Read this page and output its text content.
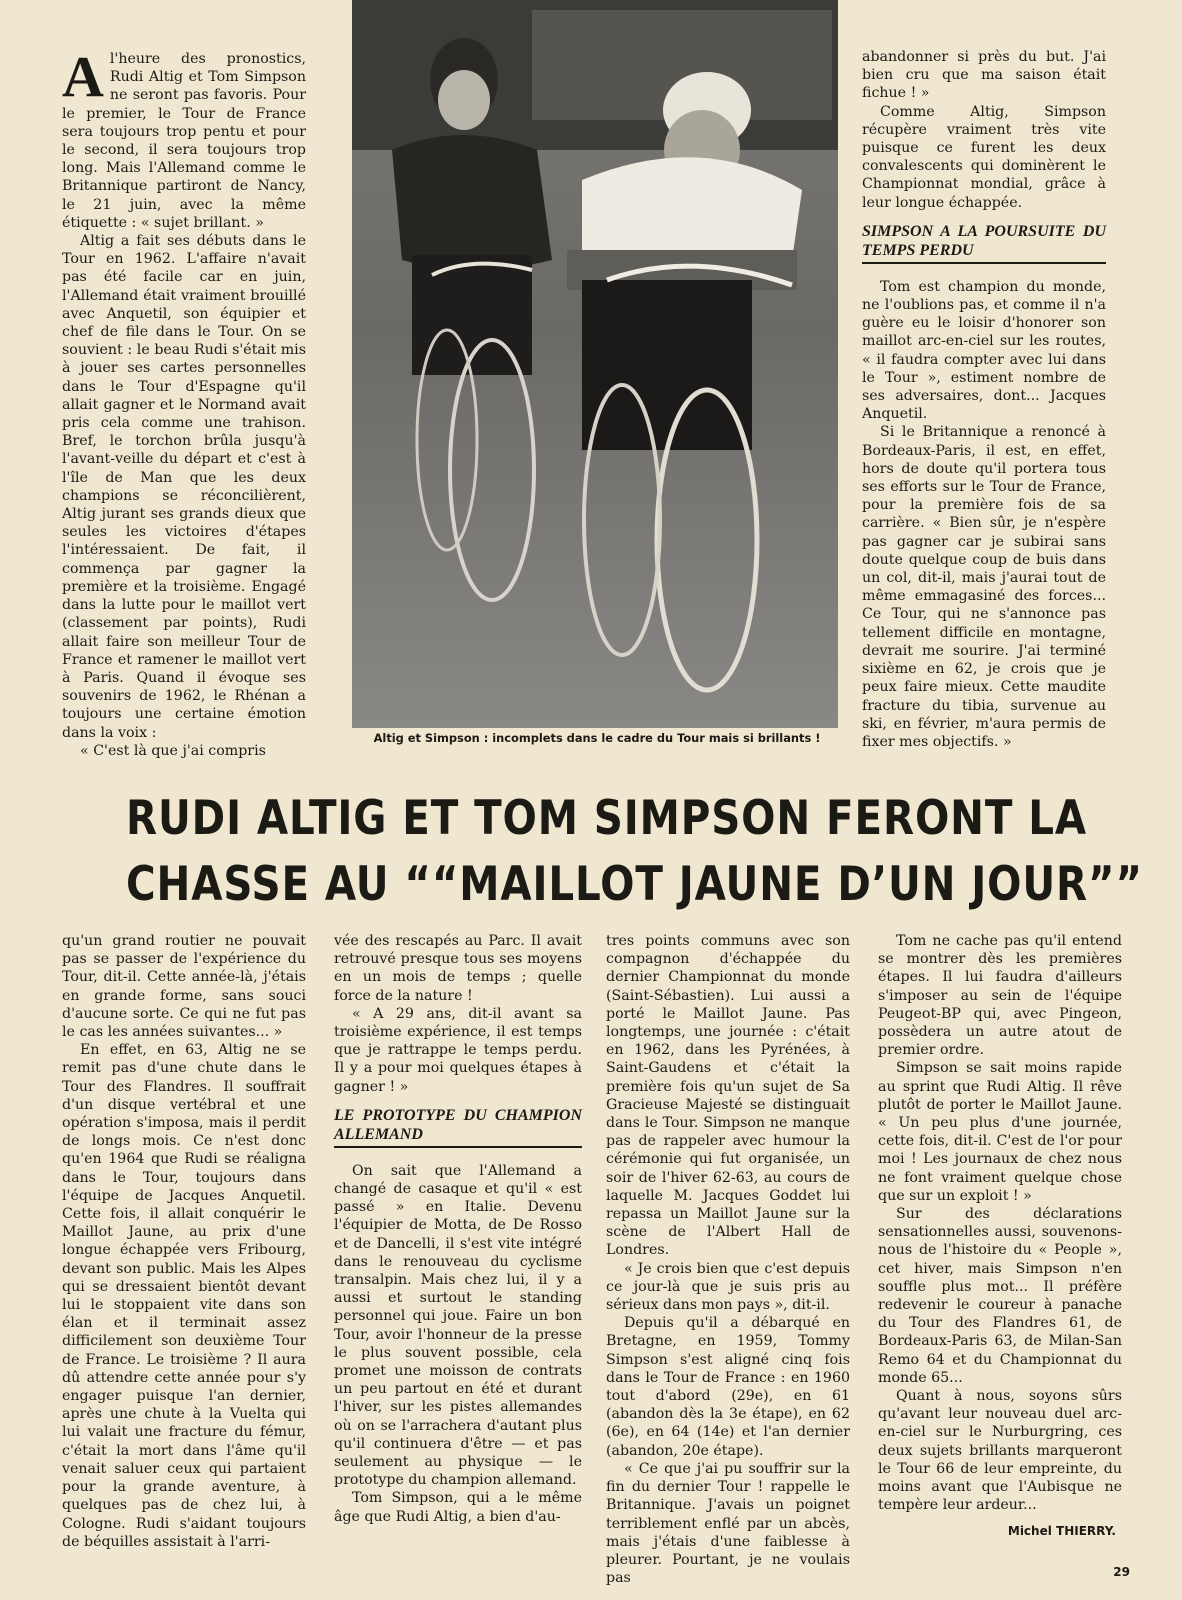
Al'heure des pronostics, Rudi Altig et Tom Simpson ne seront pas favoris. Pour le premier, le Tour de France sera toujours trop pentu et pour le second, il sera toujours trop long. Mais l'Allemand comme le Britannique partiront de Nancy, le 21 juin, avec la même étiquette : « sujet brillant. »

Altig a fait ses débuts dans le Tour en 1962. L'affaire n'avait pas été facile car en juin, l'Allemand était vraiment brouillé avec Anquetil, son équipier et chef de file dans le Tour. On se souvient : le beau Rudi s'était mis à jouer ses cartes personnelles dans le Tour d'Espagne qu'il allait gagner et le Normand avait pris cela comme une trahison. Bref, le torchon brûla jusqu'à l'avant-veille du départ et c'est à l'île de Man que les deux champions se réconcilièrent, Altig jurant ses grands dieux que seules les victoires d'étapes l'intéressaient. De fait, il commença par gagner la première et la troisième. Engagé dans la lutte pour le maillot vert (classement par points), Rudi allait faire son meilleur Tour de France et ramener le maillot vert à Paris. Quand il évoque ses souvenirs de 1962, le Rhénan a toujours une certaine émotion dans la voix :

« C'est là que j'ai compris

Altig et Simpson : incomplets dans le cadre du Tour mais si brillants !

abandonner si près du but. J'ai bien cru que ma saison était fichue ! »

Comme Altig, Simpson récupère vraiment très vite puisque ce furent les deux convalescents qui dominèrent le Championnat mondial, grâce à leur longue échappée.

SIMPSON A LA POURSUITE DU TEMPS PERDU

Tom est champion du monde, ne l'oublions pas, et comme il n'a guère eu le loisir d'honorer son maillot arc-en-ciel sur les routes, « il faudra compter avec lui dans le Tour », estiment nombre de ses adversaires, dont... Jacques Anquetil.

Si le Britannique a renoncé à Bordeaux-Paris, il est, en effet, hors de doute qu'il portera tous ses efforts sur le Tour de France, pour la première fois de sa carrière. « Bien sûr, je n'espère pas gagner car je subirai sans doute quelque coup de buis dans un col, dit-il, mais j'aurai tout de même emmagasiné des forces... Ce Tour, qui ne s'annonce pas tellement difficile en montagne, devrait me sourire. J'ai terminé sixième en 62, je crois que je peux faire mieux. Cette maudite fracture du tibia, survenue au ski, en février, m'aura permis de fixer mes objectifs. »

RUDI ALTIG ET TOM SIMPSON FERONT LA
CHASSE AU ““MAILLOT JAUNE D’UN JOUR””

qu'un grand routier ne pouvait pas se passer de l'expérience du Tour, dit-il. Cette année-là, j'étais en grande forme, sans souci d'aucune sorte. Ce qui ne fut pas le cas les années suivantes... »

En effet, en 63, Altig ne se remit pas d'une chute dans le Tour des Flandres. Il souffrait d'un disque vertébral et une opération s'imposa, mais il perdit de longs mois. Ce n'est donc qu'en 1964 que Rudi se réaligna dans le Tour, toujours dans l'équipe de Jacques Anquetil. Cette fois, il allait conquérir le Maillot Jaune, au prix d'une longue échappée vers Fribourg, devant son public. Mais les Alpes qui se dressaient bientôt devant lui le stoppaient vite dans son élan et il terminait assez difficilement son deuxième Tour de France. Le troisième ? Il aura dû attendre cette année pour s'y engager puisque l'an dernier, après une chute à la Vuelta qui lui valait une fracture du fémur, c'était la mort dans l'âme qu'il venait saluer ceux qui partaient pour la grande aventure, à quelques pas de chez lui, à Cologne. Rudi s'aidant toujours de béquilles assistait à l'arri-

vée des rescapés au Parc. Il avait retrouvé presque tous ses moyens en un mois de temps ; quelle force de la nature !

« A 29 ans, dit-il avant sa troisième expérience, il est temps que je rattrappe le temps perdu. Il y a pour moi quelques étapes à gagner ! »

LE PROTOTYPE DU CHAMPION ALLEMAND

On sait que l'Allemand a changé de casaque et qu'il « est passé » en Italie. Devenu l'équipier de Motta, de De Rosso et de Dancelli, il s'est vite intégré dans le renouveau du cyclisme transalpin. Mais chez lui, il y a aussi et surtout le standing personnel qui joue. Faire un bon Tour, avoir l'honneur de la presse le plus souvent possible, cela promet une moisson de contrats un peu partout en été et durant l'hiver, sur les pistes allemandes où on se l'arrachera d'autant plus qu'il continuera d'être — et pas seulement au physique — le prototype du champion allemand.

Tom Simpson, qui a le même âge que Rudi Altig, a bien d'au-

tres points communs avec son compagnon d'échappée du dernier Championnat du monde (Saint-Sébastien). Lui aussi a porté le Maillot Jaune. Pas longtemps, une journée : c'était en 1962, dans les Pyrénées, à Saint-Gaudens et c'était la première fois qu'un sujet de Sa Gracieuse Majesté se distinguait dans le Tour. Simpson ne manque pas de rappeler avec humour la cérémonie qui fut organisée, un soir de l'hiver 62-63, au cours de laquelle M. Jacques Goddet lui repassa un Maillot Jaune sur la scène de l'Albert Hall de Londres.

« Je crois bien que c'est depuis ce jour-là que je suis pris au sérieux dans mon pays », dit-il.

Depuis qu'il a débarqué en Bretagne, en 1959, Tommy Simpson s'est aligné cinq fois dans le Tour de France : en 1960 tout d'abord (29e), en 61 (abandon dès la 3e étape), en 62 (6e), en 64 (14e) et l'an dernier (abandon, 20e étape).

« Ce que j'ai pu souffrir sur la fin du dernier Tour ! rappelle le Britannique. J'avais un poignet terriblement enflé par un abcès, mais j'étais d'une faiblesse à pleurer. Pourtant, je ne voulais pas

Tom ne cache pas qu'il entend se montrer dès les premières étapes. Il lui faudra d'ailleurs s'imposer au sein de l'équipe Peugeot-BP qui, avec Pingeon, possèdera un autre atout de premier ordre.

Simpson se sait moins rapide au sprint que Rudi Altig. Il rêve plutôt de porter le Maillot Jaune. « Un peu plus d'une journée, cette fois, dit-il. C'est de l'or pour moi ! Les journaux de chez nous ne font vraiment quelque chose que sur un exploit ! »

Sur des déclarations sensationnelles aussi, souvenons-nous de l'histoire du « People », cet hiver, mais Simpson n'en souffle plus mot... Il préfère redevenir le coureur à panache du Tour des Flandres 61, de Bordeaux-Paris 63, de Milan-San Remo 64 et du Championnat du monde 65...

Quant à nous, soyons sûrs qu'avant leur nouveau duel arc-en-ciel sur le Nurburgring, ces deux sujets brillants marqueront le Tour 66 de leur empreinte, du moins avant que l'Aubisque ne tempère leur ardeur...

Michel THIERRY.
29
